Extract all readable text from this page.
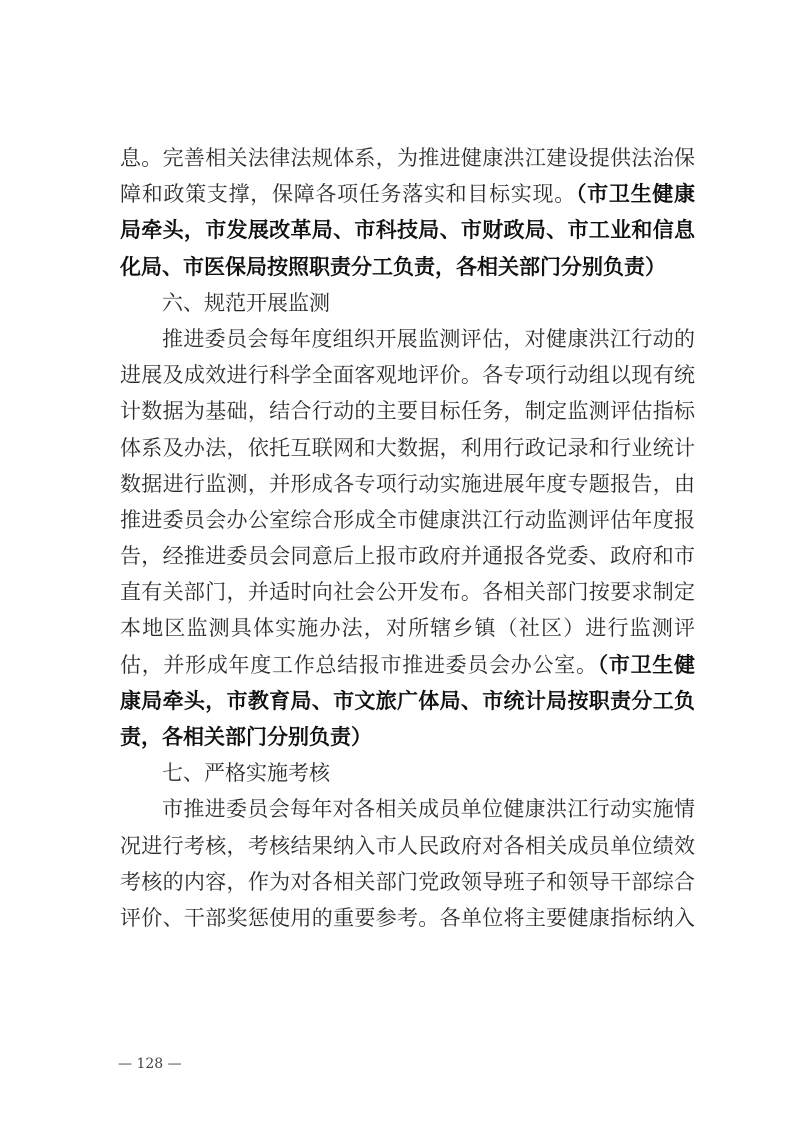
息。完善相关法律法规体系，为推进健康洪江建设提供法治保
障和政策支撑，保障各项任务落实和目标实现。（市卫生健康
局牵头，市发展改革局、市科技局、市财政局、市工业和信息
化局、市医保局按照职责分工负责，各相关部门分别负责）
六、规范开展监测
推进委员会每年度组织开展监测评估，对健康洪江行动的
进展及成效进行科学全面客观地评价。各专项行动组以现有统
计数据为基础，结合行动的主要目标任务，制定监测评估指标
体系及办法，依托互联网和大数据，利用行政记录和行业统计
数据进行监测，并形成各专项行动实施进展年度专题报告，由
推进委员会办公室综合形成全市健康洪江行动监测评估年度报
告，经推进委员会同意后上报市政府并通报各党委、政府和市
直有关部门，并适时向社会公开发布。各相关部门按要求制定
本地区监测具体实施办法，对所辖乡镇（社区）进行监测评
估，并形成年度工作总结报市推进委员会办公室。（市卫生健
康局牵头，市教育局、市文旅广体局、市统计局按职责分工负
责，各相关部门分别负责）
七、严格实施考核
市推进委员会每年对各相关成员单位健康洪江行动实施情
况进行考核，考核结果纳入市人民政府对各相关成员单位绩效
考核的内容，作为对各相关部门党政领导班子和领导干部综合
评价、干部奖惩使用的重要参考。各单位将主要健康指标纳入
— 128 —
